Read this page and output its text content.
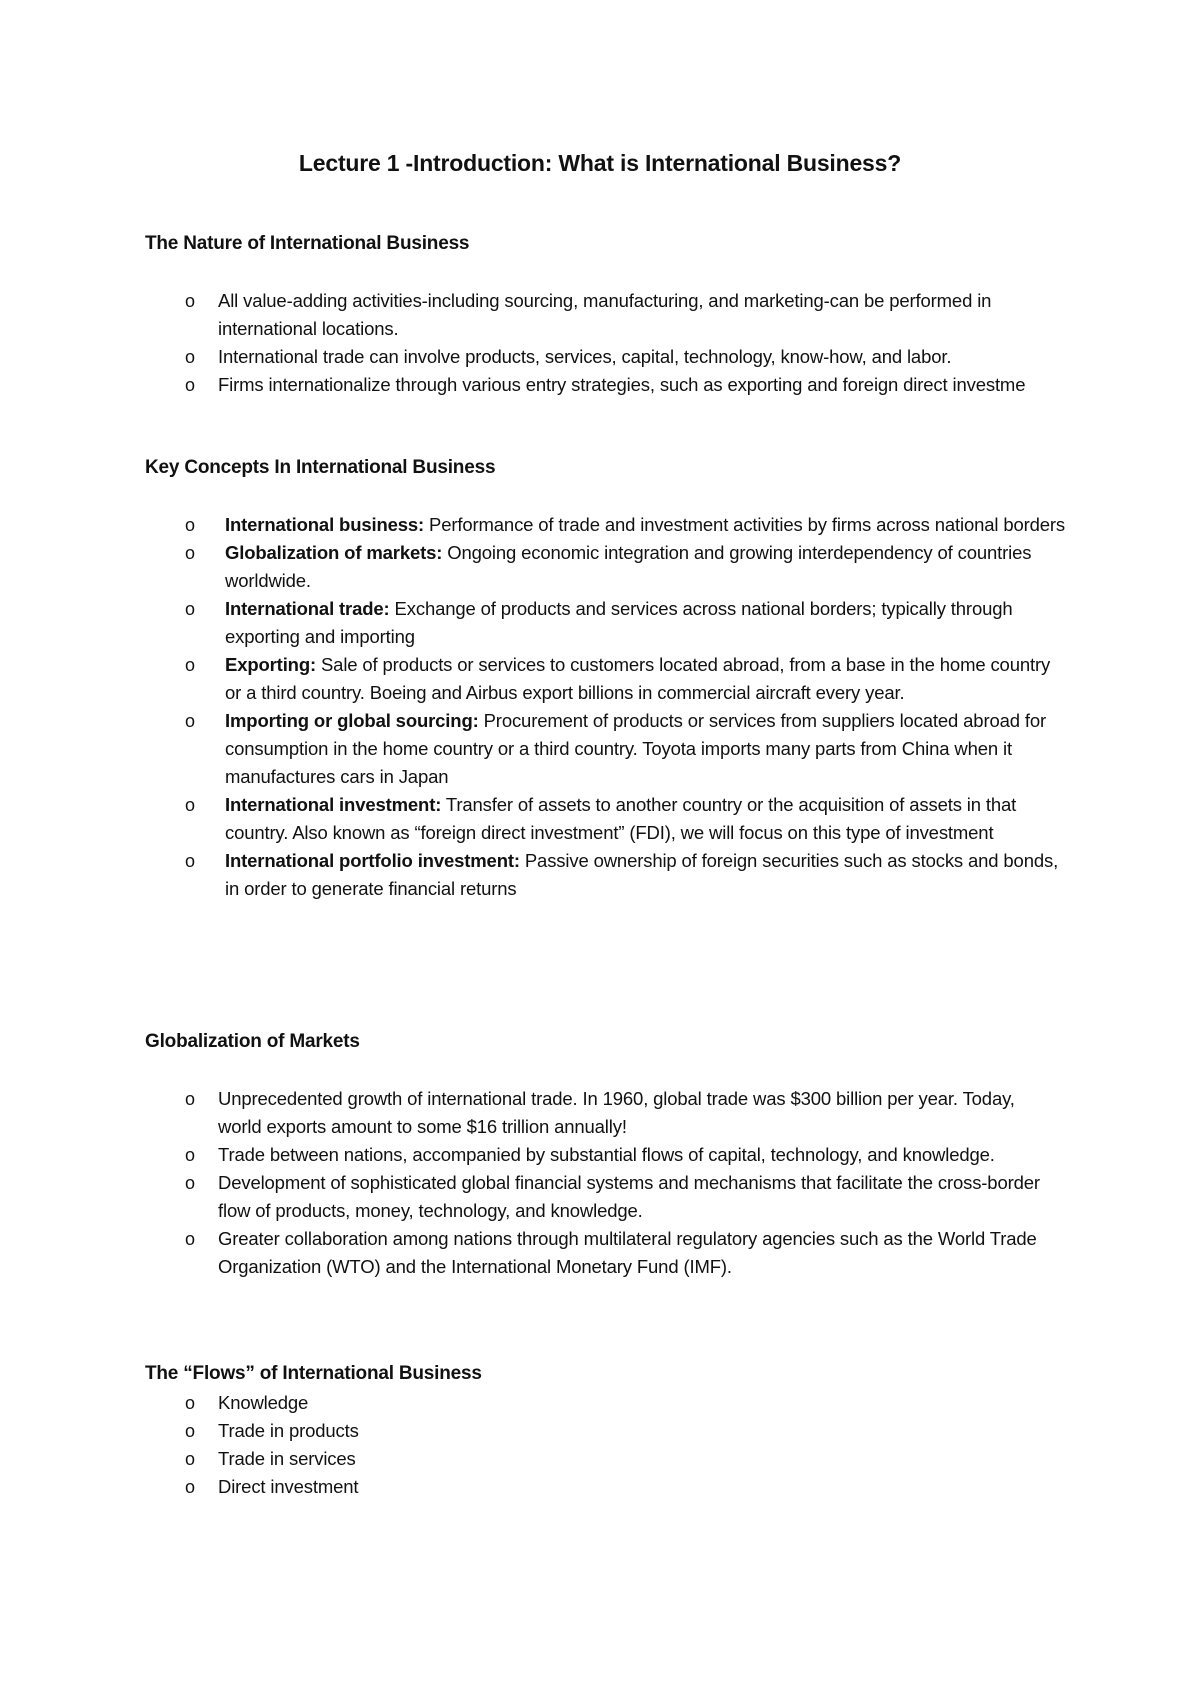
Lecture 1 -Introduction: What is International Business?
The Nature of International Business
o All value-adding activities-including sourcing, manufacturing, and marketing-can be performed in international locations.
o International trade can involve products, services, capital, technology, know-how, and labor.
o Firms internationalize through various entry strategies, such as exporting and foreign direct investme
Key Concepts In International Business
o International business: Performance of trade and investment activities by firms across national borders
o Globalization of markets: Ongoing economic integration and growing interdependency of countries worldwide.
o International trade: Exchange of products and services across national borders; typically through exporting and importing
o Exporting: Sale of products or services to customers located abroad, from a base in the home country or a third country. Boeing and Airbus export billions in commercial aircraft every year.
o Importing or global sourcing: Procurement of products or services from suppliers located abroad for consumption in the home country or a third country. Toyota imports many parts from China when it manufactures cars in Japan
o International investment: Transfer of assets to another country or the acquisition of assets in that country. Also known as “foreign direct investment” (FDI), we will focus on this type of investment
o International portfolio investment: Passive ownership of foreign securities such as stocks and bonds, in order to generate financial returns
Globalization of Markets
o Unprecedented growth of international trade. In 1960, global trade was $300 billion per year. Today, world exports amount to some $16 trillion annually!
o Trade between nations, accompanied by substantial flows of capital, technology, and knowledge.
o Development of sophisticated global financial systems and mechanisms that facilitate the cross-border flow of products, money, technology, and knowledge.
o Greater collaboration among nations through multilateral regulatory agencies such as the World Trade Organization (WTO) and the International Monetary Fund (IMF).
The “Flows” of International Business
o Knowledge
o Trade in products
o Trade in services
o Direct investment
